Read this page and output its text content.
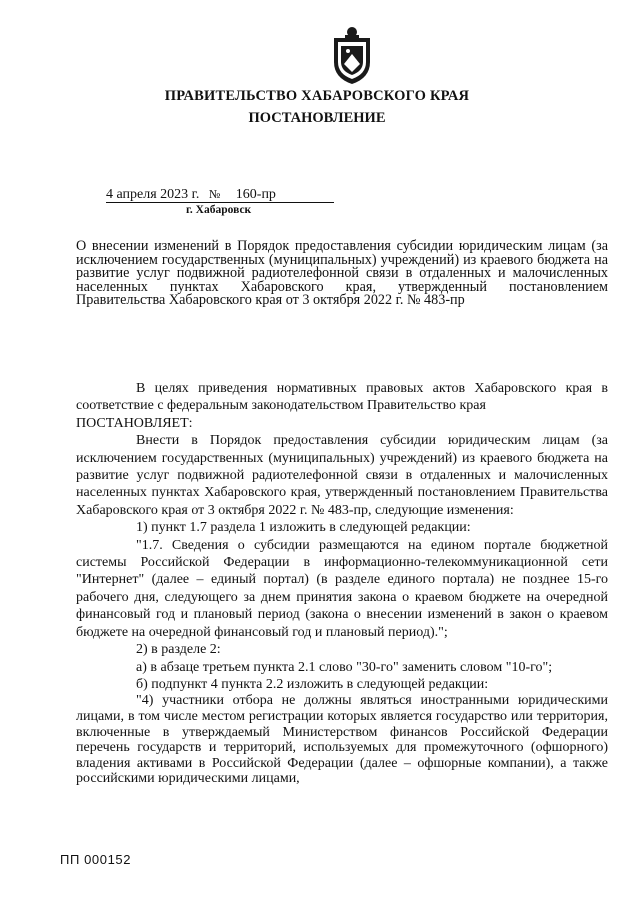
ПРАВИТЕЛЬСТВО ХАБАРОВСКОГО КРАЯ
ПОСТАНОВЛЕНИЕ
4 апреля 2023 г. № 160-пр
г. Хабаровск
О внесении изменений в Порядок предоставления субсидии юридическим лицам (за исключением государственных (муниципальных) учреждений) из краевого бюджета на развитие услуг подвижной радиотелефонной связи в отдаленных и малочисленных населенных пунктах Хабаровского края, утвержденный постановлением Правительства Хабаровского края от 3 октября 2022 г. № 483-пр

В целях приведения нормативных правовых актов Хабаровского края в соответствие с федеральным законодательством Правительство края

ПОСТАНОВЛЯЕТ:

Внести в Порядок предоставления субсидии юридическим лицам (за исключением государственных (муниципальных) учреждений) из краевого бюджета на развитие услуг подвижной радиотелефонной связи в отдаленных и малочисленных населенных пунктах Хабаровского края, утвержденный постановлением Правительства Хабаровского края от 3 октября 2022 г. № 483-пр, следующие изменения:

1) пункт 1.7 раздела 1 изложить в следующей редакции:

"1.7. Сведения о субсидии размещаются на едином портале бюджетной системы Российской Федерации в информационно-телекоммуникационной сети "Интернет" (далее – единый портал) (в разделе единого портала) не позднее 15-го рабочего дня, следующего за днем принятия закона о краевом бюджете на очередной финансовый год и плановый период (закона о внесении изменений в закон о краевом бюджете на очередной финансовый год и плановый период).";

2) в разделе 2:

а) в абзаце третьем пункта 2.1 слово "30-го" заменить словом "10-го";

б) подпункт 4 пункта 2.2 изложить в следующей редакции:

"4) участники отбора не должны являться иностранными юридическими лицами, в том числе местом регистрации которых является государство или территория, включенные в утверждаемый Министерством финансов Российской Федерации перечень государств и территорий, используемых для промежуточного (офшорного) владения активами в Российской Федерации (далее – офшорные компании), а также российскими юридическими лицами,

ПП 000152
